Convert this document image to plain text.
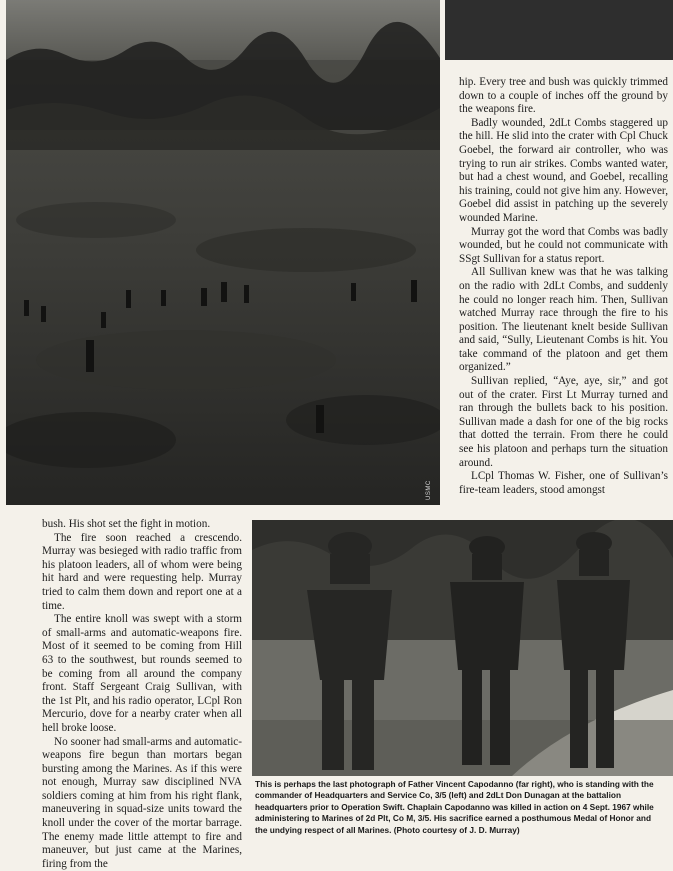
USMC

hip. Every tree and bush was quickly trimmed down to a couple of inches off the ground by the weapons fire.

Badly wounded, 2dLt Combs staggered up the hill. He slid into the crater with Cpl Chuck Goebel, the forward air controller, who was trying to run air strikes. Combs wanted water, but had a chest wound, and Goebel, recalling his training, could not give him any. However, Goebel did assist in patching up the severely wounded Marine.

Murray got the word that Combs was badly wounded, but he could not communicate with SSgt Sullivan for a status report.

All Sullivan knew was that he was talking on the radio with 2dLt Combs, and suddenly he could no longer reach him. Then, Sullivan watched Murray race through the fire to his position. The lieutenant knelt beside Sullivan and said, “Sully, Lieutenant Combs is hit. You take command of the platoon and get them organized.”

Sullivan replied, “Aye, aye, sir,” and got out of the crater. First Lt Murray turned and ran through the bullets back to his position. Sullivan made a dash for one of the big rocks that dotted the terrain. From there he could see his platoon and perhaps turn the situation around.

LCpl Thomas W. Fisher, one of Sullivan’s fire-team leaders, stood amongst

bush. His shot set the fight in motion.

The fire soon reached a crescendo. Murray was besieged with radio traffic from his platoon leaders, all of whom were being hit hard and were requesting help. Murray tried to calm them down and report one at a time.

The entire knoll was swept with a storm of small-arms and automatic-weapons fire. Most of it seemed to be coming from Hill 63 to the southwest, but rounds seemed to be coming from all around the company front. Staff Sergeant Craig Sullivan, with the 1st Plt, and his radio operator, LCpl Ron Mercurio, dove for a nearby crater when all hell broke loose.

No sooner had small-arms and automatic-weapons fire begun than mortars began bursting among the Marines. As if this were not enough, Murray saw disciplined NVA soldiers coming at him from his right flank, maneuvering in squad-size units toward the knoll under the cover of the mortar barrage. The enemy made little attempt to fire and maneuver, but just came at the Marines, firing from the

This is perhaps the last photograph of Father Vincent Capodanno (far right), who is standing with the commander of Headquarters and Service Co, 3/5 (left) and 2dLt Don Dunagan at the battalion headquarters prior to Operation Swift. Chaplain Capodanno was killed in action on 4 Sept. 1967 while administering to Marines of 2d Plt, Co M, 3/5. His sacrifice earned a posthumous Medal of Honor and the undying respect of all Marines. (Photo courtesy of J. D. Murray)
